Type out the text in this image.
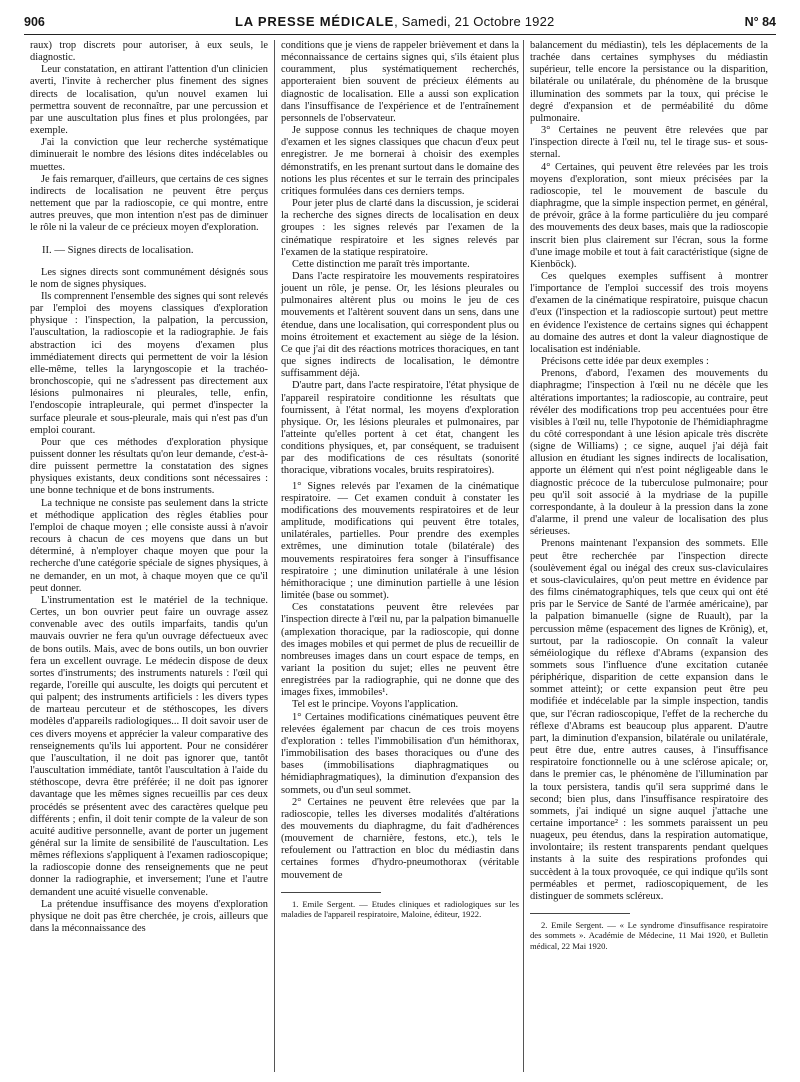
906	LA PRESSE MÉDICALE, Samedi, 21 Octobre 1922	N° 84

raux) trop discrets pour autoriser, à eux seuls, le diagnostic.

Leur constatation, en attirant l'attention d'un clinicien averti, l'invite à rechercher plus finement des signes directs de localisation, qu'un nouvel examen lui permettra souvent de reconnaître, par une percussion et par une auscultation plus fines et plus prolongées, par exemple.

J'ai la conviction que leur recherche systématique diminuerait le nombre des lésions dites indécelables ou muettes.

Je fais remarquer, d'ailleurs, que certains de ces signes indirects de localisation ne peuvent être perçus nettement que par la radioscopie, ce qui montre, entre autres preuves, que mon intention n'est pas de diminuer le rôle ni la valeur de ce précieux moyen d'exploration.

II. — Signes directs de localisation.

Les signes directs sont communément désignés sous le nom de signes physiques.

Ils comprennent l'ensemble des signes qui sont relevés par l'emploi des moyens classiques d'exploration physique : l'inspection, la palpation, la percussion, l'auscultation, la radioscopie et la radiographie. Je fais abstraction ici des moyens d'examen plus immédiatement directs qui permettent de voir la lésion elle-même, telles la laryngoscopie et la trachéo-bronchoscopie, qui ne s'adressent pas directement aux lésions pulmonaires ni pleurales, telle, enfin, l'endoscopie intrapleurale, qui permet d'inspecter la surface pleurale et sous-pleurale, mais qui n'est pas d'un emploi courant.

Pour que ces méthodes d'exploration physique puissent donner les résultats qu'on leur demande, c'est-à-dire puissent permettre la constatation des signes physiques existants, deux conditions sont nécessaires : une bonne technique et de bons instruments.

La technique ne consiste pas seulement dans la stricte et méthodique application des règles établies pour l'emploi de chaque moyen ; elle consiste aussi à n'avoir recours à chacun de ces moyens que dans un but déterminé, à n'employer chaque moyen que pour la recherche d'une catégorie spéciale de signes physiques, à ne demander, en un mot, à chaque moyen que ce qu'il peut donner.

L'instrumentation est le matériel de la technique. Certes, un bon ouvrier peut faire un ouvrage assez convenable avec des outils imparfaits, tandis qu'un mauvais ouvrier ne fera qu'un ouvrage défectueux avec de bons outils. Mais, avec de bons outils, un bon ouvrier fera un excellent ouvrage. Le médecin dispose de deux sortes d'instruments; des instruments naturels : l'œil qui regarde, l'oreille qui ausculte, les doigts qui percutent et qui palpent; des instruments artificiels : les divers types de marteau percuteur et de stéthoscopes, les divers modèles d'appareils radiologiques... Il doit savoir user de ces divers moyens et apprécier la valeur comparative des renseignements qu'ils lui apportent. Pour ne considérer que l'auscultation, il ne doit pas ignorer que, tantôt l'auscultation immédiate, tantôt l'auscultation à l'aide du stéthoscope, devra être préférée; il ne doit pas ignorer davantage que les mêmes signes recueillis par ces deux procédés se présentent avec des caractères quelque peu différents ; enfin, il doit tenir compte de la valeur de son acuité auditive personnelle, avant de porter un jugement général sur la limite de sensibilité de l'auscultation. Les mêmes réflexions s'appliquent à l'examen radioscopique; la radioscopie donne des renseignements que ne peut donner la radiographie, et inversement; l'une et l'autre demandent une acuité visuelle convenable.

La prétendue insuffisance des moyens d'exploration physique ne doit pas être cherchée, je crois, ailleurs que dans la méconnaissance des

conditions que je viens de rappeler brièvement et dans la méconnaissance de certains signes qui, s'ils étaient plus couramment, plus systématiquement recherchés, apporteraient bien souvent de précieux éléments au diagnostic de localisation. Elle a aussi son explication dans l'insuffisance de l'expérience et de l'entraînement personnels de l'observateur.

Je suppose connus les techniques de chaque moyen d'examen et les signes classiques que chacun d'eux peut enregistrer. Je me bornerai à choisir des exemples démonstratifs, en les prenant surtout dans le domaine des notions les plus récentes et sur le terrain des principales critiques formulées dans ces derniers temps.

Pour jeter plus de clarté dans la discussion, je sciderai la recherche des signes directs de localisation en deux groupes : les signes relevés par l'examen de la cinématique respiratoire et les signes relevés par l'examen de la statique respiratoire.

Cette distinction me paraît très importante.

Dans l'acte respiratoire les mouvements respiratoires jouent un rôle, je pense. Or, les lésions pleurales ou pulmonaires altèrent plus ou moins le jeu de ces mouvements et l'altèrent souvent dans un sens, dans une étendue, dans une localisation, qui correspondent plus ou moins étroitement et exactement au siège de la lésion. Ce que j'ai dit des réactions motrices thoraciques, en tant que signes indirects de localisation, le démontre suffisamment déjà.

D'autre part, dans l'acte respiratoire, l'état physique de l'appareil respiratoire conditionne les résultats que fournissent, à l'état normal, les moyens d'exploration physique. Or, les lésions pleurales et pulmonaires, par l'atteinte qu'elles portent à cet état, changent les conditions physiques, et, par conséquent, se traduisent par des modifications de ces résultats (sonorité thoracique, vibrations vocales, bruits respiratoires).

1° Signes relevés par l'examen de la cinématique respiratoire. — Cet examen conduit à constater les modifications des mouvements respiratoires et de leur amplitude, modifications qui peuvent être totales, unilatérales, partielles. Pour prendre des exemples extrêmes, une diminution totale (bilatérale) des mouvements respiratoires fera songer à l'insuffisance respiratoire ; une diminution unilatérale à une lésion hémithoracique ; une diminution partielle à une lésion limitée (base ou sommet).

Ces constatations peuvent être relevées par l'inspection directe à l'œil nu, par la palpation bimanuelle (amplexation thoracique, par la radioscopie, qui donne des images mobiles et qui permet de plus de recueillir de nombreuses images dans un court espace de temps, en variant la position du sujet; elles ne peuvent être enregistrées par la radiographie, qui ne donne que des images fixes, immobiles¹.

Tel est le principe. Voyons l'application.

1° Certaines modifications cinématiques peuvent être relevées également par chacun de ces trois moyens d'exploration : telles l'immobilisation d'un hémithorax, l'immobilisation des bases thoraciques ou d'une des bases (immobilisations diaphragmatiques ou hémidiaphragmatiques), la diminution d'expansion des sommets, ou d'un seul sommet.

2° Certaines ne peuvent être relevées que par la radioscopie, telles les diverses modalités d'altérations des mouvements du diaphragme, du fait d'adhérences (mouvement de charnière, festons, etc.), tels le refoulement ou l'attraction en bloc du médiastin dans certaines formes d'hydro-pneumothorax (véritable mouvement de

1. Emile Sergent. — Etudes cliniques et radiologiques sur les maladies de l'appareil respiratoire, Maloine, éditeur, 1922.

balancement du médiastin), tels les déplacements de la trachée dans certaines symphyses du médiastin supérieur, telle encore la persistance ou la disparition, bilatérale ou unilatérale, du phénomène de la brusque illumination des sommets par la toux, qui précise le degré d'expansion et de perméabilité du dôme pulmonaire.

3° Certaines ne peuvent être relevées que par l'inspection directe à l'œil nu, tel le tirage sus- et sous-sternal.

4° Certaines, qui peuvent être relevées par les trois moyens d'exploration, sont mieux précisées par la radioscopie, tel le mouvement de bascule du diaphragme, que la simple inspection permet, en général, de prévoir, grâce à la forme particulière du jeu comparé des mouvements des deux bases, mais que la radioscopie inscrit bien plus clairement sur l'écran, sous la forme d'une image mobile et tout à fait caractéristique (signe de Kienböck).

Ces quelques exemples suffisent à montrer l'importance de l'emploi successif des trois moyens d'examen de la cinématique respiratoire, puisque chacun d'eux (l'inspection et la radioscopie surtout) peut mettre en évidence l'existence de certains signes qui échappent au domaine des autres et dont la valeur diagnostique de localisation est indéniable.

Précisons cette idée par deux exemples :

Prenons, d'abord, l'examen des mouvements du diaphragme; l'inspection à l'œil nu ne décèle que les altérations importantes; la radioscopie, au contraire, peut révéler des modifications trop peu accentuées pour être visibles à l'œil nu, telle l'hypotonie de l'hémidiaphragme du côté correspondant à une lésion apicale très discrète (signe de Williams) ; ce signe, auquel j'ai déjà fait allusion en étudiant les signes indirects de localisation, apporte un élément qui n'est point négligeable dans le diagnostic précoce de la tuberculose pulmonaire; pour peu qu'il soit associé à la mydriase de la pupille correspondante, à la douleur à la pression dans la zone d'alarme, il prend une valeur de localisation des plus sérieuses.

Prenons maintenant l'expansion des sommets. Elle peut être recherchée par l'inspection directe (soulèvement égal ou inégal des creux sus-claviculaires et sous-claviculaires, qu'on peut mettre en évidence par des films cinématographiques, tels que ceux qui ont été pris par le Service de Santé de l'armée américaine), par la palpation bimanuelle (signe de Ruault), par la percussion même (espacement des lignes de Krönig), et, surtout, par la radioscopie. On connaît la valeur séméiologique du réflexe d'Abrams (expansion des sommets sous l'influence d'une excitation cutanée périphérique, disparition de cette expansion dans le sommet atteint); or cette expansion peut être peu modifiée et indécelable par la simple inspection, tandis que, sur l'écran radioscopique, l'effet de la recherche du réflexe d'Abrams est beaucoup plus apparent. D'autre part, la diminution d'expansion, bilatérale ou unilatérale, peut être due, entre autres causes, à l'insuffisance respiratoire fonctionnelle ou à une sclérose apicale; or, dans le premier cas, le phénomène de l'illumination par la toux persistera, tandis qu'il sera supprimé dans le second; bien plus, dans l'insuffisance respiratoire des sommets, j'ai indiqué un signe auquel j'attache une certaine importance² : les sommets paraissent un peu nuageux, peu étendus, dans la respiration automatique, involontaire; ils restent transparents pendant quelques instants à la suite des respirations profondes qui succèdent à la toux provoquée, ce qui indique qu'ils sont perméables et permet, radioscopiquement, de les distinguer de sommets scléreux.

2. Emile Sergent. — « Le syndrome d'insuffisance respiratoire des sommets ». Académie de Médecine, 11 Mai 1920, et Bulletin médical, 22 Mai 1920.
